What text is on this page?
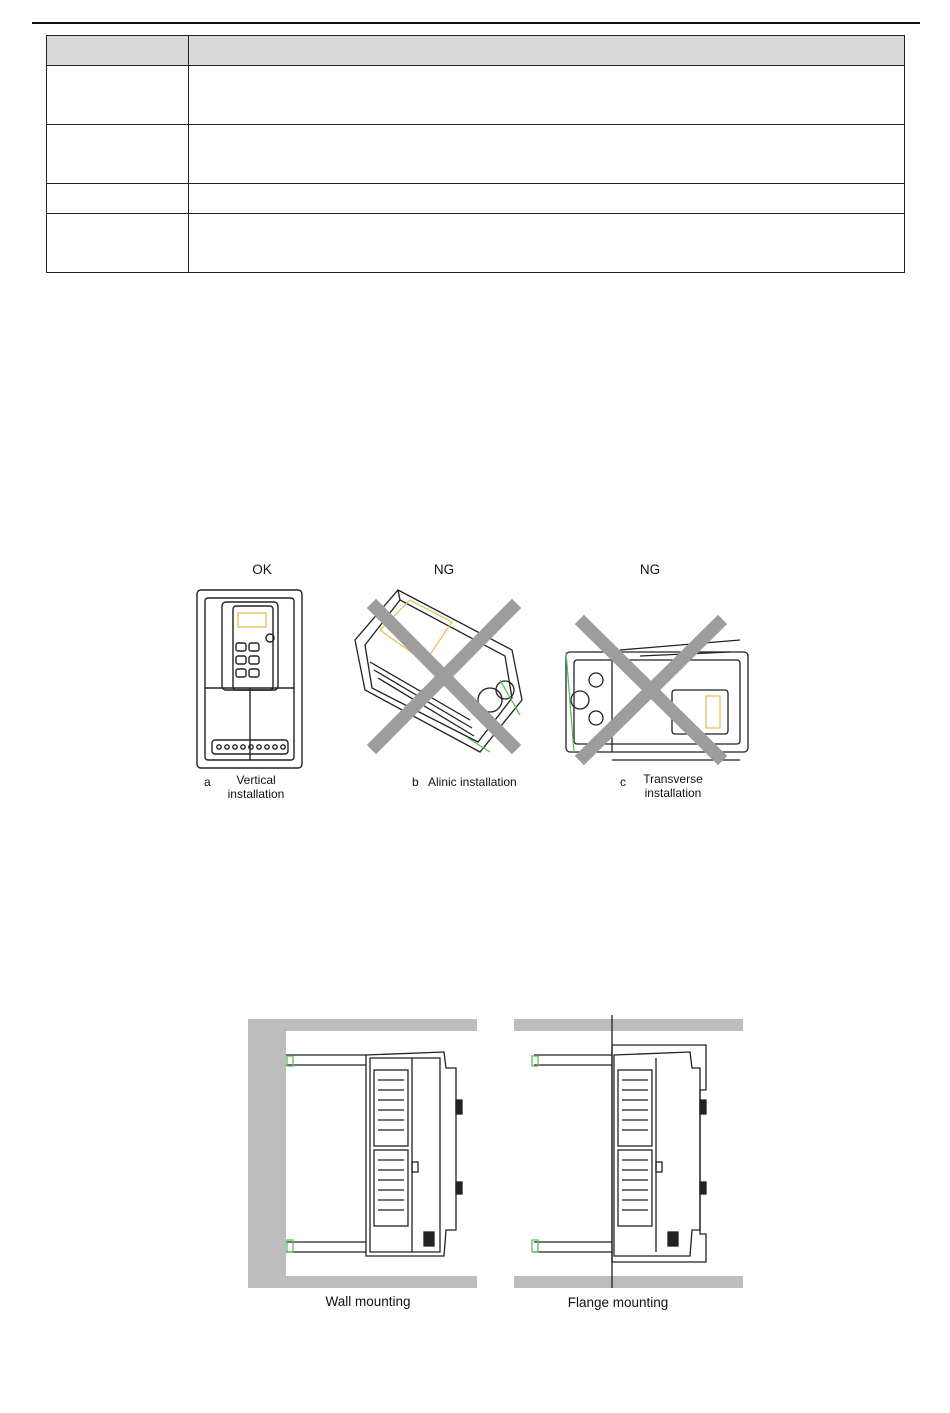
OK	NG	NG
a	Vertical
installation
b Alinic installation	c	Transverse
installation
Wall mounting	Flange mounting
